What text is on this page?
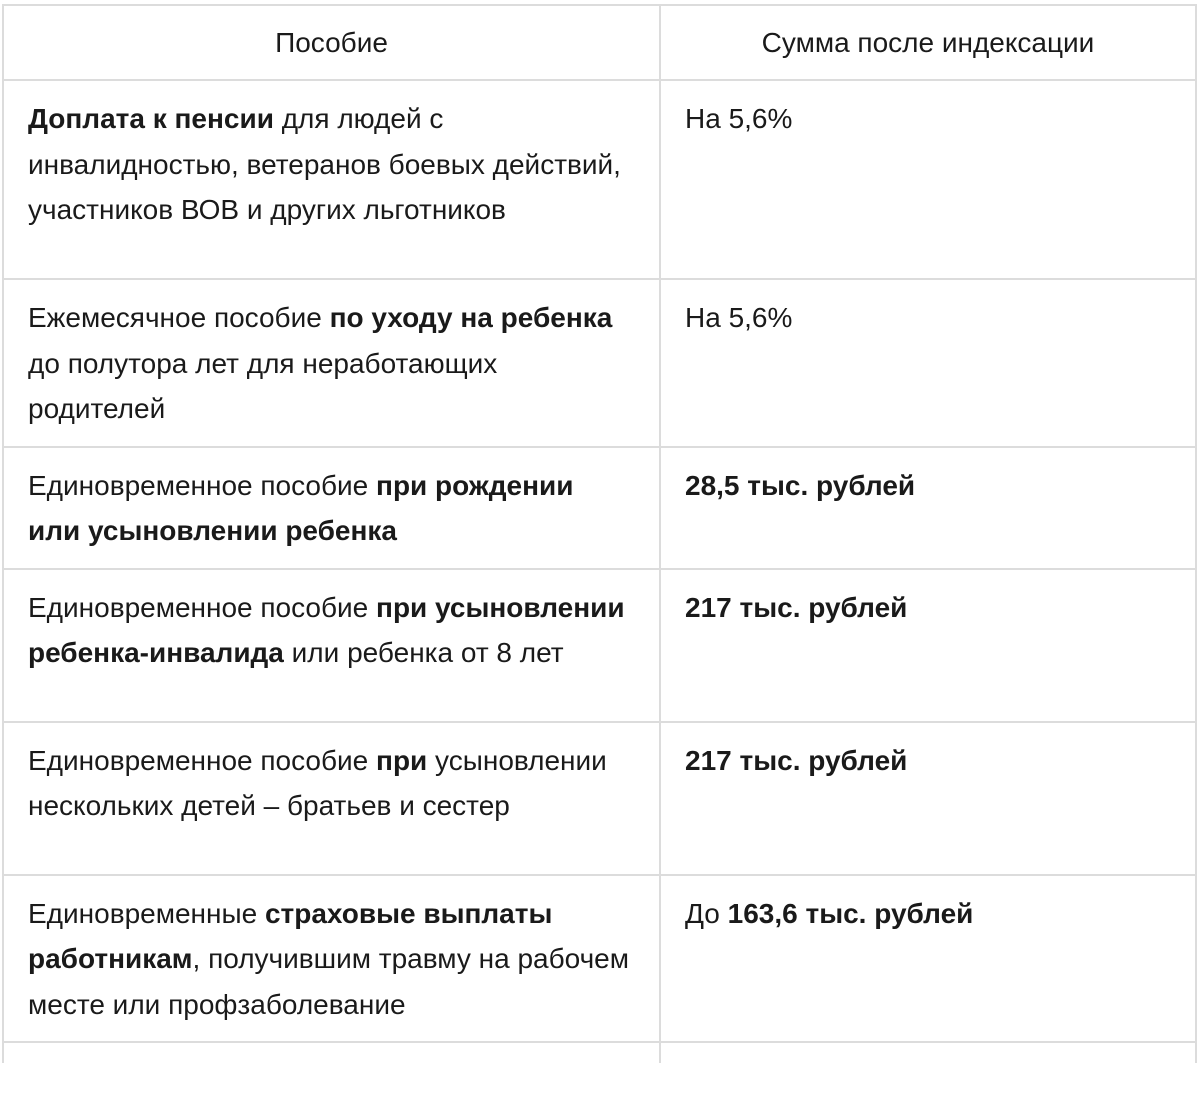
Пособие	Сумма после индексации
Доплата к пенсии для людей с инвалидностью, ветеранов боевых действий, участников ВОВ и других льготников	На 5,6%
Ежемесячное пособие по уходу на ребенка до полутора лет для неработающих родителей	На 5,6%
Единовременное пособие при рождении или усыновлении ребенка	28,5 тыс. рублей
Единовременное пособие при усыновлении ребенка-инвалида или ребенка от 8 лет	217 тыс. рублей
Единовременное пособие при усыновлении нескольких детей – братьев и сестер	217 тыс. рублей
Единовременные страховые выплаты работникам, получившим травму на рабочем месте или профзаболевание	До 163,6 тыс. рублей
